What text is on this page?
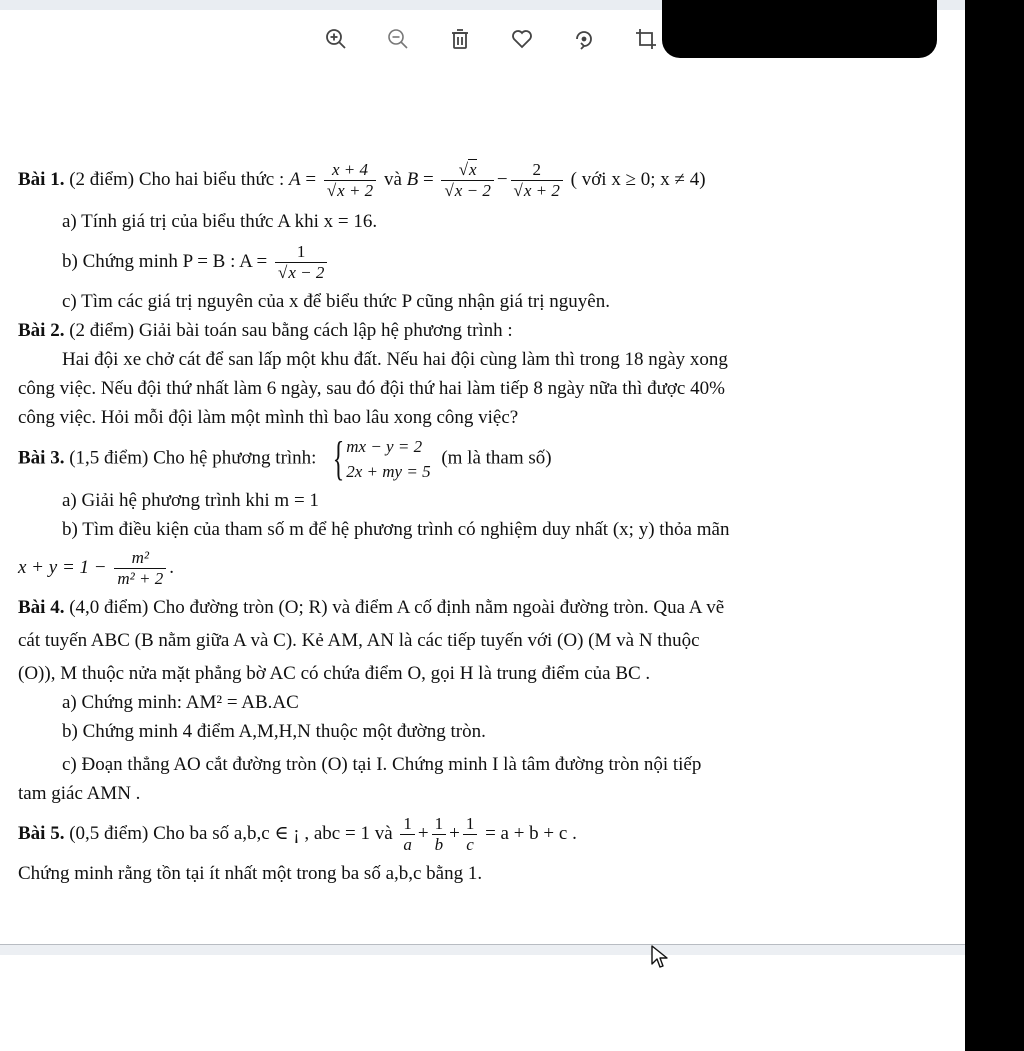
Bài 1. (2 điểm) Cho hai biểu thức : $A = \frac{x + 4}{√x + 2}$ và $B = \frac{√x}{√x - 2} - \frac{2}{√x + 2}$ ( với x ≥ 0; x ≠ 4)

a) Tính giá trị của biểu thức A khi x = 16.

b) Chứng minh P = B : $A = \frac{1}{√x - 2}$

c) Tìm các giá trị nguyên của x để biểu thức P cũng nhận giá trị nguyên.

Bài 2. (2 điểm) Giải bài toán sau bằng cách lập hệ phương trình :

Hai đội xe chở cát để san lấp một khu đất. Nếu hai đội cùng làm thì trong 18 ngày xong

công việc. Nếu đội thứ nhất làm 6 ngày, sau đó đội thứ hai làm tiếp 8 ngày nữa thì được 40%

công việc. Hỏi mỗi đội làm một mình thì bao lâu xong công việc?

Bài 3. (1,5 điểm) Cho hệ phương trình: { mx − y = 2
2x + my = 5
(m là tham số)

a) Giải hệ phương trình khi m = 1

b) Tìm điều kiện của tham số m để hệ phương trình có nghiệm duy nhất (x; y) thỏa mãn

$x + y = 1 - \frac{\text{m²}}{\text{m² + 2}}$ .

Bài 4. (4,0 điểm) Cho đường tròn (O; R) và điểm A cố định nằm ngoài đường tròn. Qua A vẽ

cát tuyến ABC (B nằm giữa A và C). Kẻ AM, AN là các tiếp tuyến với (O) (M và N thuộc

(O)), M thuộc nửa mặt phẳng bờ AC có chứa điểm O, gọi H là trung điểm của BC .

a) Chứng minh: AM² = AB.AC

b) Chứng minh 4 điểm A,M,H,N thuộc một đường tròn.

c) Đoạn thẳng AO cắt đường tròn (O) tại I. Chứng minh I là tâm đường tròn nội tiếp

tam giác AMN .

Bài 5. (0,5 điểm) Cho ba số a,b,c ∈ ¡ , abc = 1 và $\frac{1}{a} + \frac{1}{b} + \frac{1}{c} = a + b + c$ .

Chứng minh rằng tồn tại ít nhất một trong ba số a,b,c bằng 1.
